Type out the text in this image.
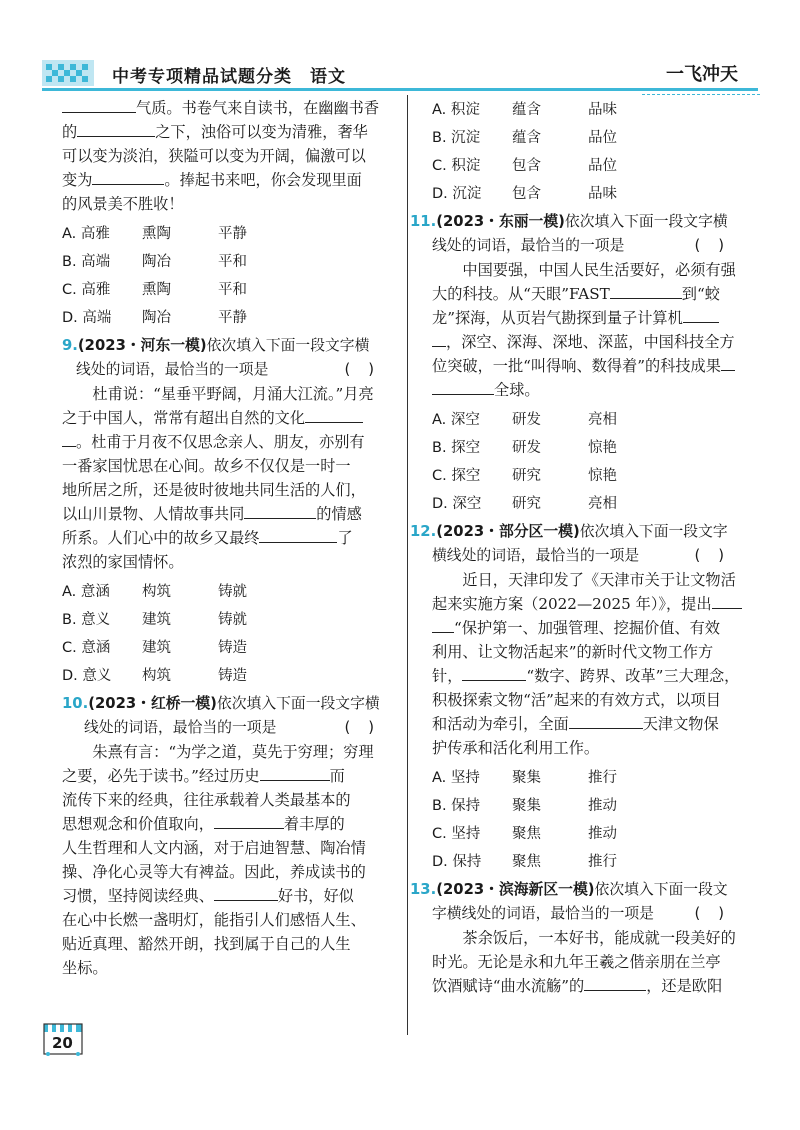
中考专项精品试题分类　语文	一飞冲天

气质。书卷气来自读书，在幽幽书香

的	之下，浊俗可以变为清雅，奢华

可以变为淡泊，狭隘可以变为开阔，偏激可以

变为	。捧起书来吧，你会发现里面

的风景美不胜收！

A. 高雅	熏陶	平静

B. 高端	陶冶	平和

C. 高雅	熏陶	平和

D. 高端	陶冶	平静

9.(2023・河东一模)依次填入下面一段文字横

线处的词语，最恰当的一项是	()

杜甫说：“星垂平野阔，月涌大江流。”月亮

之于中国人，常常有超出自然的文化

。杜甫于月夜不仅思念亲人、朋友，亦别有

一番家国忧思在心间。故乡不仅仅是一时一

地所居之所，还是彼时彼地共同生活的人们，

以山川景物、人情故事共同	的情感

所系。人们心中的故乡又最终	了

浓烈的家国情怀。

A. 意涵	构筑	铸就

B. 意义	建筑	铸就

C. 意涵	建筑	铸造

D. 意义	构筑	铸造

10.(2023・红桥一模)依次填入下面一段文字横

线处的词语，最恰当的一项是	()

朱熹有言：“为学之道，莫先于穷理；穷理

之要，必先于读书。”经过历史	而

流传下来的经典，往往承载着人类最基本的

思想观念和价值取向，	着丰厚的

人生哲理和人文内涵，对于启迪智慧、陶冶情

操、净化心灵等大有裨益。因此，养成读书的

习惯，坚持阅读经典、	好书，好似

在心中长燃一盏明灯，能指引人们感悟人生、

贴近真理、豁然开朗，找到属于自己的人生

坐标。

A. 积淀	蕴含	品味

B. 沉淀	蕴含	品位

C. 积淀	包含	品位

D. 沉淀	包含	品味

11.(2023・东丽一模)依次填入下面一段文字横

线处的词语，最恰当的一项是	()

中国要强，中国人民生活要好，必须有强

大的科技。从“天眼”FAST	到“蛟

龙”探海，从页岩气勘探到量子计算机

，深空、深海、深地、深蓝，中国科技全方

位突破，一批“叫得响、数得着”的科技成果

全球。

A. 深空	研发	亮相

B. 探空	研发	惊艳

C. 探空	研究	惊艳

D. 深空	研究	亮相

12.(2023・部分区一模)依次填入下面一段文字

横线处的词语，最恰当的一项是	()

近日，天津印发了《天津市关于让文物活

起来实施方案（2022—2025 年）》，提出

“保护第一、加强管理、挖掘价值、有效

利用、让文物活起来”的新时代文物工作方

针，	“数字、跨界、改革”三大理念，

积极探索文物“活”起来的有效方式，以项目

和活动为牵引，全面	天津文物保

护传承和活化利用工作。

A. 坚持	聚集	推行

B. 保持	聚集	推动

C. 坚持	聚焦	推动

D. 保持	聚焦	推行

13.(2023・滨海新区一模)依次填入下面一段文

字横线处的词语，最恰当的一项是	()

茶余饭后，一本好书，能成就一段美好的

时光。无论是永和九年王羲之偕亲朋在兰亭

饮酒赋诗“曲水流觞”的	，还是欧阳

20
